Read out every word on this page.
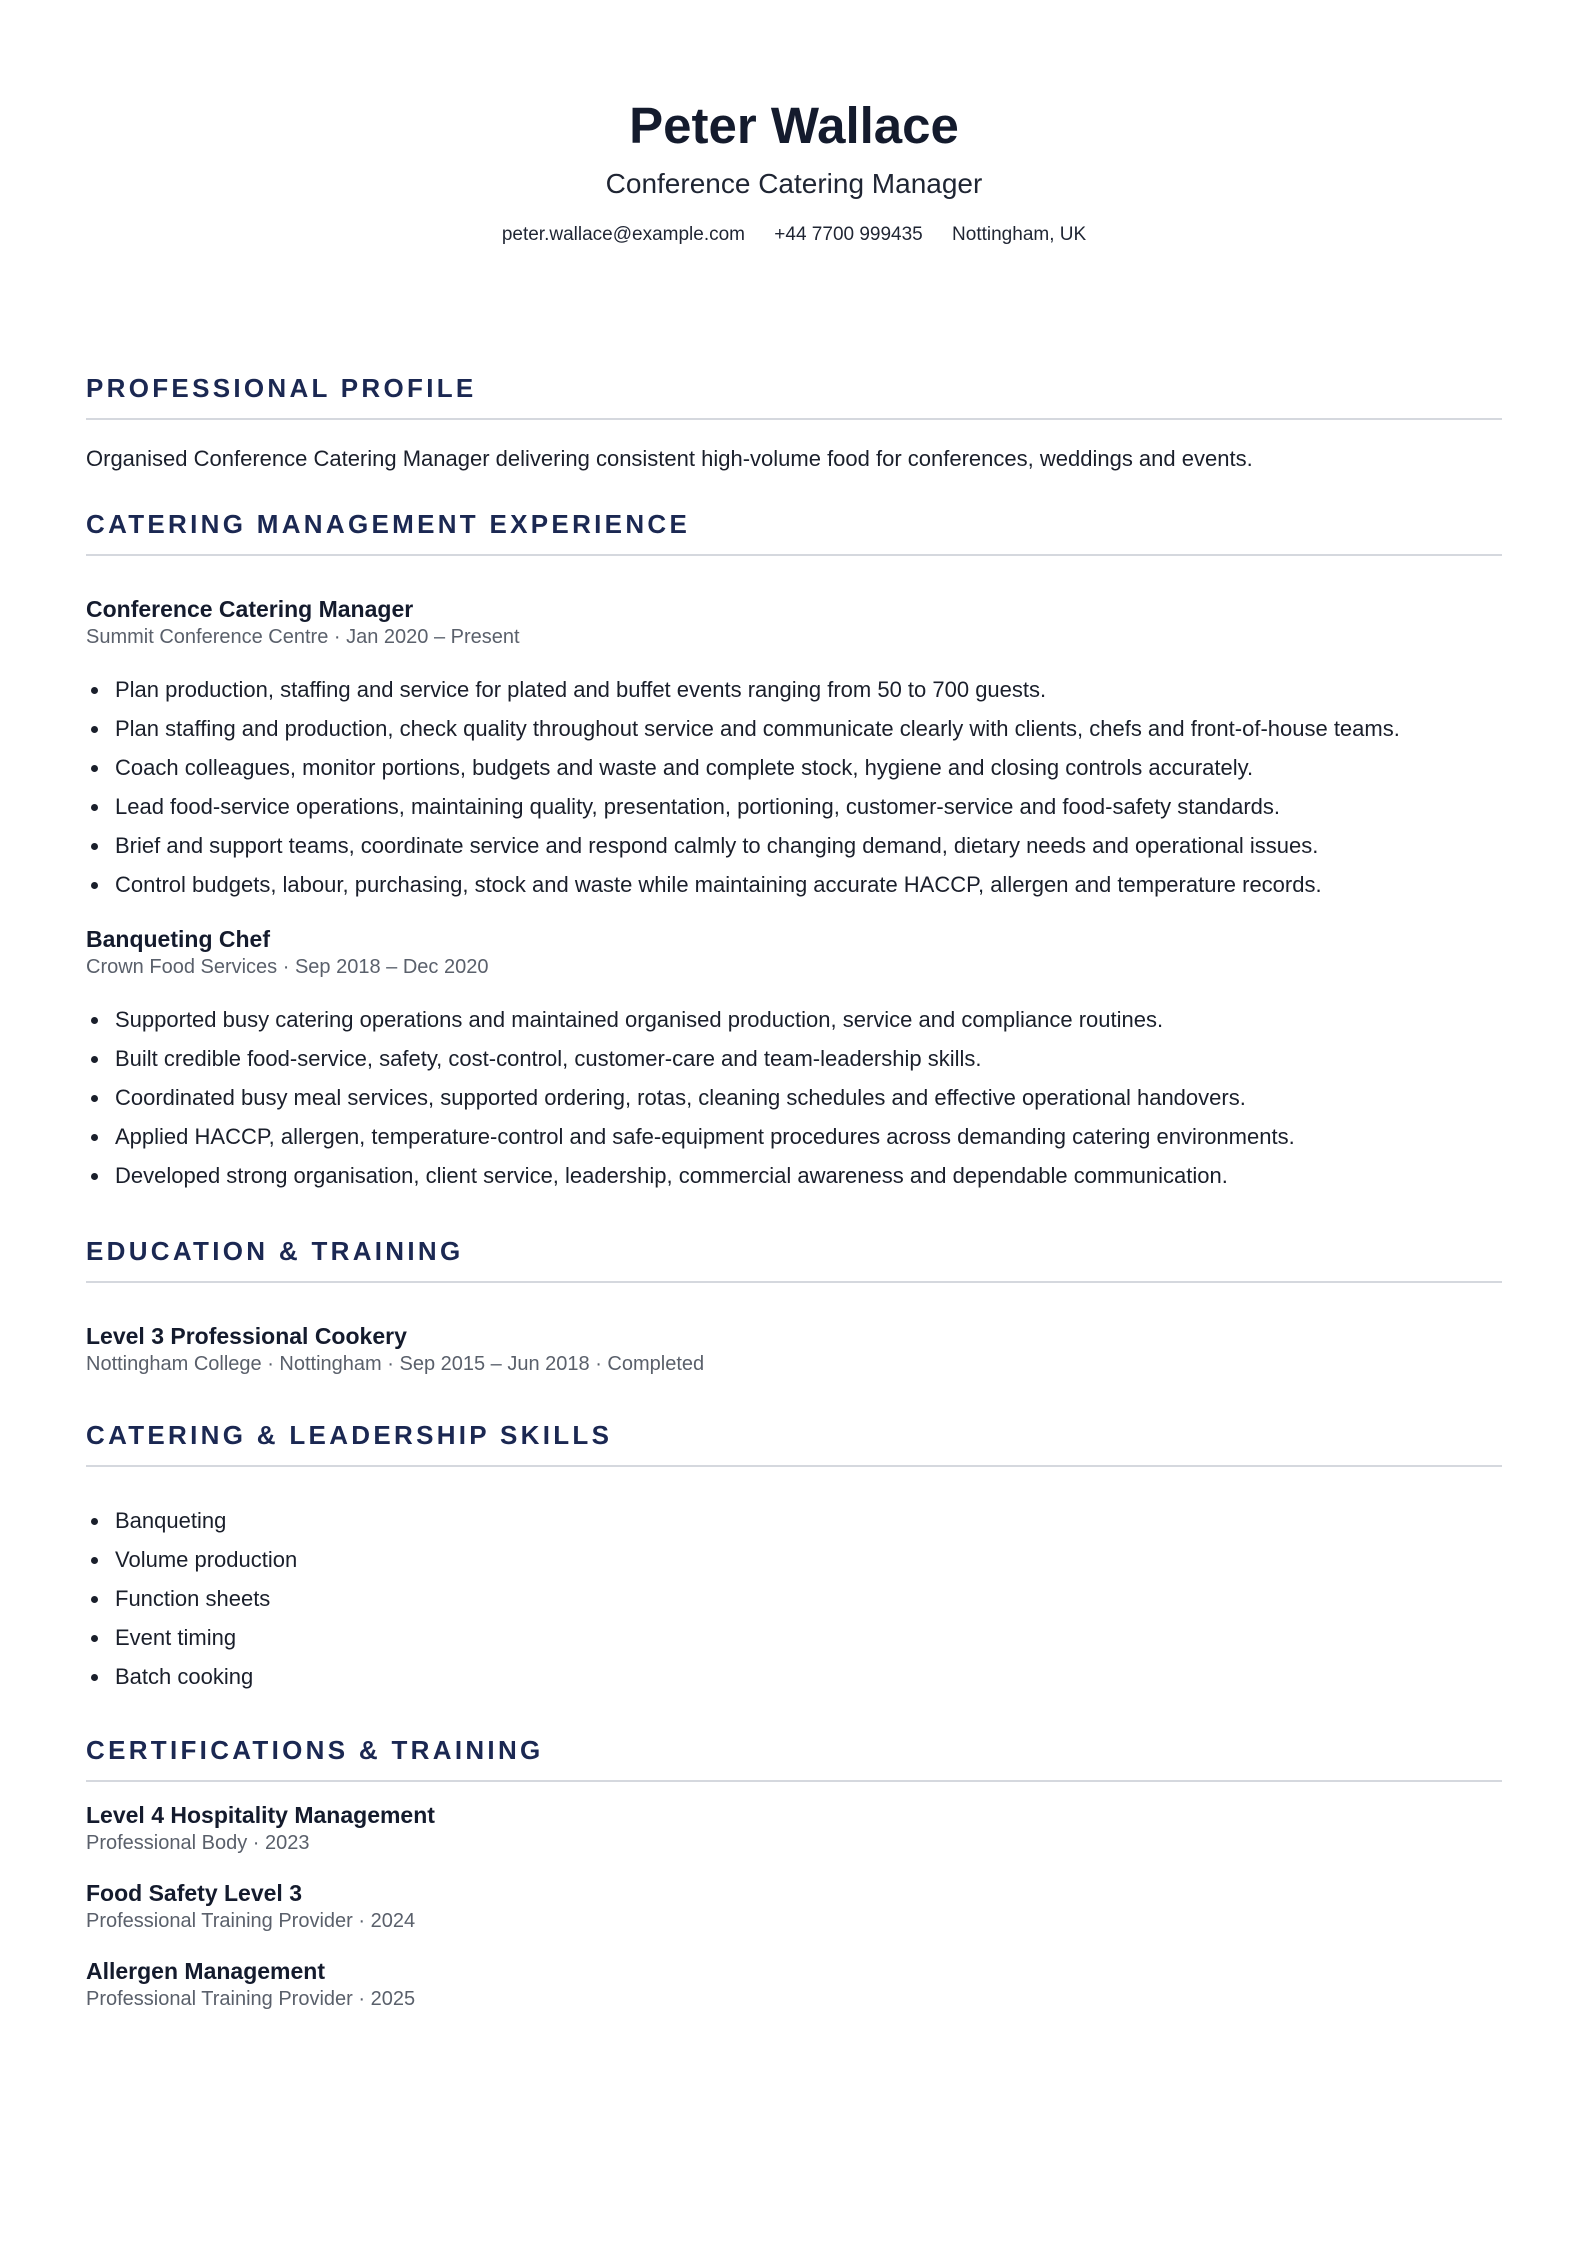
Peter Wallace
Conference Catering Manager
peter.wallace@example.com +44 7700 999435 Nottingham, UK
PROFESSIONAL PROFILE

Organised Conference Catering Manager delivering consistent high-volume food for conferences, weddings and events.

CATERING MANAGEMENT EXPERIENCE
Conference Catering Manager
Summit Conference Centre · Jan 2020 – Present
Plan production, staffing and service for plated and buffet events ranging from 50 to 700 guests.
Plan staffing and production, check quality throughout service and communicate clearly with clients, chefs and front-of-house teams.
Coach colleagues, monitor portions, budgets and waste and complete stock, hygiene and closing controls accurately.
Lead food-service operations, maintaining quality, presentation, portioning, customer-service and food-safety standards.
Brief and support teams, coordinate service and respond calmly to changing demand, dietary needs and operational issues.
Control budgets, labour, purchasing, stock and waste while maintaining accurate HACCP, allergen and temperature records.
Banqueting Chef
Crown Food Services · Sep 2018 – Dec 2020
Supported busy catering operations and maintained organised production, service and compliance routines.
Built credible food-service, safety, cost-control, customer-care and team-leadership skills.
Coordinated busy meal services, supported ordering, rotas, cleaning schedules and effective operational handovers.
Applied HACCP, allergen, temperature-control and safe-equipment procedures across demanding catering environments.
Developed strong organisation, client service, leadership, commercial awareness and dependable communication.
EDUCATION & TRAINING
Level 3 Professional Cookery
Nottingham College · Nottingham · Sep 2015 – Jun 2018 · Completed
CATERING & LEADERSHIP SKILLS
Banqueting
Volume production
Function sheets
Event timing
Batch cooking
CERTIFICATIONS & TRAINING
Level 4 Hospitality Management
Professional Body · 2023
Food Safety Level 3
Professional Training Provider · 2024
Allergen Management
Professional Training Provider · 2025
